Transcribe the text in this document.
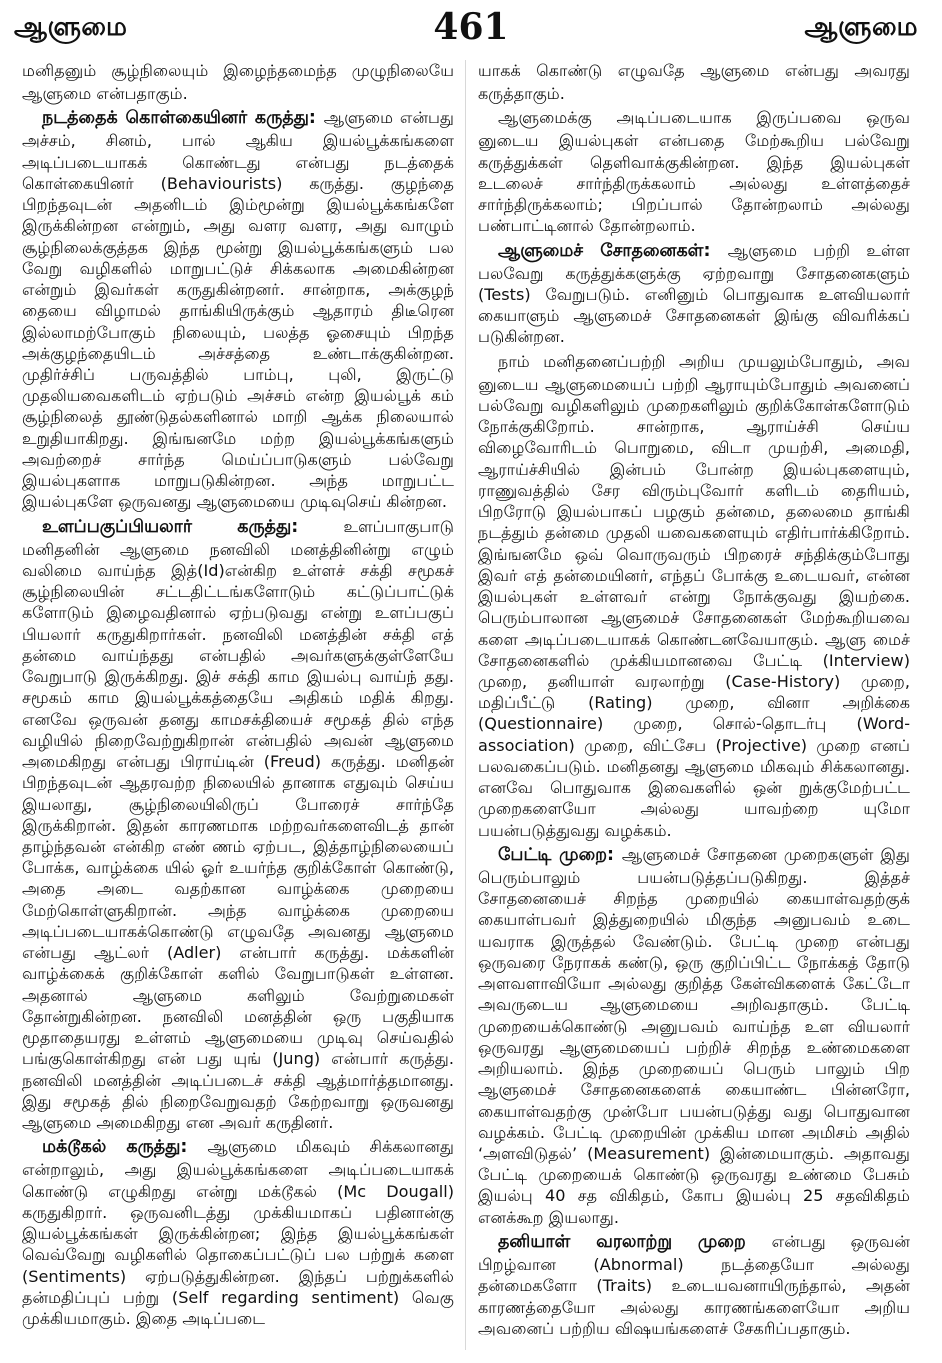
ஆளுமை	461	ஆளுமை

மனிதனும் சூழ்நிலையும் இழைந்தமைந்த முழுநிலையே ஆளுமை என்பதாகும்.

நடத்தைக் கொள்கையினர் கருத்து: ஆளுமை என்பது அச்சம், சினம், பால் ஆகிய இயல்பூக்கங்களை அடிப்படையாகக் கொண்டது என்பது நடத்தைக் கொள்கையினர் (Behaviourists) கருத்து. குழந்தை பிறந்தவுடன் அதனிடம் இம்மூன்று இயல்பூக்கங்களே இருக்கின்றன என்றும், அது வளர வளர, அது வாழும் சூழ்நிலைக்குத்தக இந்த மூன்று இயல்பூக்கங்களும் பல வேறு வழிகளில் மாறுபட்டுச் சிக்கலாக அமைகின்றன என்றும் இவர்கள் கருதுகின்றனர். சான்றாக, அக்குழந் தையை விழாமல் தாங்கியிருக்கும் ஆதாரம் திடீரென இல்லாமற்போகும் நிலையும், பலத்த ஓசையும் பிறந்த அக்குழந்தையிடம் அச்சத்தை உண்டாக்குகின்றன. முதிர்ச்சிப் பருவத்தில் பாம்பு, புலி, இருட்டு முதலியவைகளிடம் ஏற்படும் அச்சம் என்ற இயல்பூக் கம் சூழ்நிலைத் தூண்டுதல்களினால் மாறி ஆக்க நிலையால் உறுதியாகிறது. இங்ஙனமே மற்ற இயல்பூக்கங்களும் அவற்றைச் சார்ந்த மெய்ப்பாடுகளும் பல்வேறு இயல்புகளாக மாறுபடுகின்றன. அந்த மாறுபட்ட இயல்புகளே ஒருவனது ஆளுமையை முடிவுசெய் கின்றன.

உளப்பகுப்பியலார் கருத்து: உளப்பாகுபாடு மனிதனின் ஆளுமை நனவிலி மனத்தினின்று எழும் வலிமை வாய்ந்த இத்(Id)என்கிற உள்ளச் சக்தி சமூகச் சூழ்நிலையின் சட்டதிட்டங்களோடும் கட்டுப்பாட்டுக் களோடும் இழைவதினால் ஏற்படுவது என்று உளப்பகுப் பியலார் கருதுகிறார்கள். நனவிலி மனத்தின் சக்தி எத் தன்மை வாய்ந்தது என்பதில் அவர்களுக்குள்ளேயே வேறுபாடு இருக்கிறது. இச் சக்தி காம இயல்பு வாய்ந் தது. சமூகம் காம இயல்பூக்கத்தையே அதிகம் மதிக் கிறது. எனவே ஒருவன் தனது காமசக்தியைச் சமூகத் தில் எந்த வழியில் நிறைவேற்றுகிறான் என்பதில் அவன் ஆளுமை அமைகிறது என்பது பிராய்டின் (Freud) கருத்து. மனிதன் பிறந்தவுடன் ஆதரவற்ற நிலையில் தானாக எதுவும் செய்ய இயலாது, சூழ்நிலையிலிருப் போரைச் சார்ந்தே இருக்கிறான். இதன் காரணமாக மற்றவர்களைவிடத் தான் தாழ்ந்தவன் என்கிற எண் ணம் ஏற்பட, இத்தாழ்நிலையைப் போக்க, வாழ்க்கை யில் ஓர் உயர்ந்த குறிக்கோள் கொண்டு, அதை அடை வதற்கான வாழ்க்கை முறையை மேற்கொள்ளுகிறான். அந்த வாழ்க்கை முறையை அடிப்படையாகக்கொண்டு எழுவதே அவனது ஆளுமை என்பது ஆட்லர் (Adler) என்பார் கருத்து. மக்களின் வாழ்க்கைக் குறிக்கோள் களில் வேறுபாடுகள் உள்ளன. அதனால் ஆளுமை களிலும் வேற்றுமைகள் தோன்றுகின்றன. நனவிலி மனத்தின் ஒரு பகுதியாக மூதாதையரது உள்ளம் ஆளுமையை முடிவு செய்வதில் பங்குகொள்கிறது என் பது யுங் (Jung) என்பார் கருத்து. நனவிலி மனத்தின் அடிப்படைச் சக்தி ஆத்மார்த்தமானது. இது சமூகத் தில் நிறைவேறுவதற் கேற்றவாறு ஒருவனது ஆளுமை அமைகிறது என அவர் கருதினர்.

மக்டூகல் கருத்து: ஆளுமை மிகவும் சிக்கலானது என்றாலும், அது இயல்பூக்கங்களை அடிப்படையாகக் கொண்டு எழுகிறது என்று மக்டூகல் (Mc Dougall) கருதுகிறார். ஒருவனிடத்து முக்கியமாகப் பதினான்கு இயல்பூக்கங்கள் இருக்கின்றன; இந்த இயல்பூக்கங்கள் வெவ்வேறு வழிகளில் தொகைப்பட்டுப் பல பற்றுக் களை (Sentiments) ஏற்படுத்துகின்றன. இந்தப் பற்றுக்களில் தன்மதிப்புப் பற்று (Self regarding sentiment) வெகு முக்கியமாகும். இதை அடிப்படை

யாகக் கொண்டு எழுவதே ஆளுமை என்பது அவரது கருத்தாகும்.

ஆளுமைக்கு அடிப்படையாக இருப்பவை ஒருவ னுடைய இயல்புகள் என்பதை மேற்கூறிய பல்வேறு கருத்துக்கள் தெளிவாக்குகின்றன. இந்த இயல்புகள் உடலைச் சார்ந்திருக்கலாம் அல்லது உள்ளத்தைச் சார்ந்திருக்கலாம்; பிறப்பால் தோன்றலாம் அல்லது பண்பாட்டினால் தோன்றலாம்.

ஆளுமைச் சோதனைகள்: ஆளுமை பற்றி உள்ள பலவேறு கருத்துக்களுக்கு ஏற்றவாறு சோதனைகளும் (Tests) வேறுபடும். எனினும் பொதுவாக உளவியலார் கையாளும் ஆளுமைச் சோதனைகள் இங்கு விவரிக்கப் படுகின்றன.

நாம் மனிதனைப்பற்றி அறிய முயலும்போதும், அவ னுடைய ஆளுமையைப் பற்றி ஆராயும்போதும் அவனைப் பல்வேறு வழிகளிலும் முறைகளிலும் குறிக்கோள்களோடும் நோக்குகிறோம். சான்றாக, ஆராய்ச்சி செய்ய விழைவோரிடம் பொறுமை, விடா முயற்சி, அமைதி, ஆராய்ச்சியில் இன்பம் போன்ற இயல்புகளையும், ராணுவத்தில் சேர விரும்புவோர் களிடம் தைரியம், பிறரோடு இயல்பாகப் பழகும் தன்மை, தலைமை தாங்கி நடத்தும் தன்மை முதலி யவைகளையும் எதிர்பார்க்கிறோம். இங்ஙனமே ஒவ் வொருவரும் பிறரைச் சந்திக்கும்போது இவர் எத் தன்மையினர், எந்தப் போக்கு உடையவர், என்ன இயல்புகள் உள்ளவர் என்று நோக்குவது இயற்கை. பெரும்பாலான ஆளுமைச் சோதனைகள் மேற்கூறியவை களை அடிப்படையாகக் கொண்டனவேயாகும். ஆளு மைச் சோதனைகளில் முக்கியமானவை பேட்டி (Interview) முறை, தனியாள் வரலாற்று (Case-History) முறை, மதிப்பீட்டு (Rating) முறை, வினா அறிக்கை (Questionnaire) முறை, சொல்-தொடர்பு (Word-association) முறை, விட்சேப (Projective) முறை எனப் பலவகைப்படும். மனிதனது ஆளுமை மிகவும் சிக்கலானது. எனவே பொதுவாக இவைகளில் ஒன் றுக்குமேற்பட்ட முறைகளையோ அல்லது யாவற்றை யுமோ பயன்படுத்துவது வழக்கம்.

பேட்டி முறை: ஆளுமைச் சோதனை முறைகளுள் இது பெரும்பாலும் பயன்படுத்தப்படுகிறது. இத்தச் சோதனையைச் சிறந்த முறையில் கையாள்வதற்குக் கையாள்பவர் இத்துறையில் மிகுந்த அனுபவம் உடை யவராக இருத்தல் வேண்டும். பேட்டி முறை என்பது ஒருவரை நேராகக் கண்டு, ஒரு குறிப்பிட்ட நோக்கத் தோடு அளவளாவியோ அல்லது குறித்த கேள்விகளைக் கேட்டோ அவருடைய ஆளுமையை அறிவதாகும். பேட்டி முறையைக்கொண்டு அனுபவம் வாய்ந்த உள வியலார் ஒருவரது ஆளுமையைப் பற்றிச் சிறந்த உண்மைகளை அறியலாம். இந்த முறையைப் பெரும் பாலும் பிற ஆளுமைச் சோதனைகளைக் கையாண்ட பின்னரோ, கையாள்வதற்கு முன்போ பயன்படுத்து வது பொதுவான வழக்கம். பேட்டி முறையின் முக்கிய மான அமிசம் அதில் ‘அளவிடுதல்’ (Measurement) இன்மையாகும். அதாவது பேட்டி முறையைக் கொண்டு ஒருவரது உண்மை பேசும் இயல்பு 40 சத விகிதம், கோப இயல்பு 25 சதவிகிதம் எனக்கூற இயலாது.

தனியாள் வரலாற்று முறை என்பது ஒருவன் பிறழ்வான (Abnormal) நடத்தையோ அல்லது தன்மைகளோ (Traits) உடையவனாயிருந்தால், அதன் காரணத்தையோ அல்லது காரணங்களையோ அறிய அவனைப் பற்றிய விஷயங்களைச் சேகரிப்பதாகும்.
